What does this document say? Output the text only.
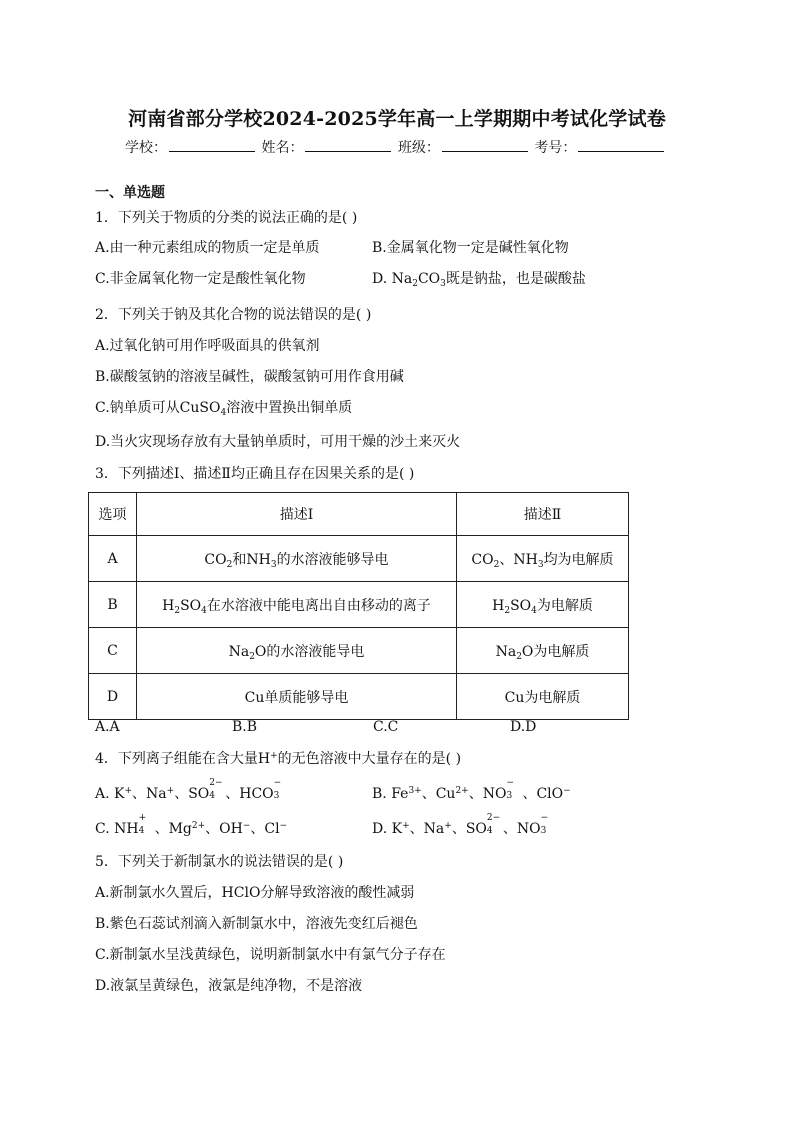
河南省部分学校2024-2025学年高一上学期期中考试化学试卷
学校：	姓名：	班级：	考号：
一、单选题
1．下列关于物质的分类的说法正确的是( )
A.由一种元素组成的物质一定是单质	B.金属氧化物一定是碱性氧化物
C.非金属氧化物一定是酸性氧化物	D. $Na_2CO_3$既是钠盐，也是碳酸盐
2．下列关于钠及其化合物的说法错误的是( )
A.过氧化钠可用作呼吸面具的供氧剂
B.碳酸氢钠的溶液呈碱性，碳酸氢钠可用作食用碱
C.钠单质可从CuSO$_4$溶液中置换出铜单质
D.当火灾现场存放有大量钠单质时，可用干燥的沙土来灭火
3．下列描述Ⅰ、描述Ⅱ均正确且存在因果关系的是( )
选项	描述Ⅰ	描述Ⅱ
A	$CO_2$和$NH_3$的水溶液能够导电	$CO_2$、$NH_3$均为电解质
B	$H_2SO_4$在水溶液中能电离出自由移动的离子	$H_2SO_4$为电解质
C	$Na_2O$的水溶液能导电	$Na_2O$为电解质
D	Cu单质能够导电	Cu为电解质
A.A	B.B	C.C	D.D
4．下列离子组能在含大量H+的无色溶液中大量存在的是( )
A. K+、Na+、SO
2−
4 、HCO
−
3	B. $Fe^{3+}$、$Cu^{2+}$、NO
−
3 、ClO−
C. NH
+
4 、$Mg^{2+}$、OH−、Cl−	D. K+、Na+、SO
2−
4 、NO
−
3
5．下列关于新制氯水的说法错误的是( )
A.新制氯水久置后，HClO分解导致溶液的酸性减弱
B.紫色石蕊试剂滴入新制氯水中，溶液先变红后褪色
C.新制氯水呈浅黄绿色，说明新制氯水中有氯气分子存在
D.液氯呈黄绿色，液氯是纯净物，不是溶液
